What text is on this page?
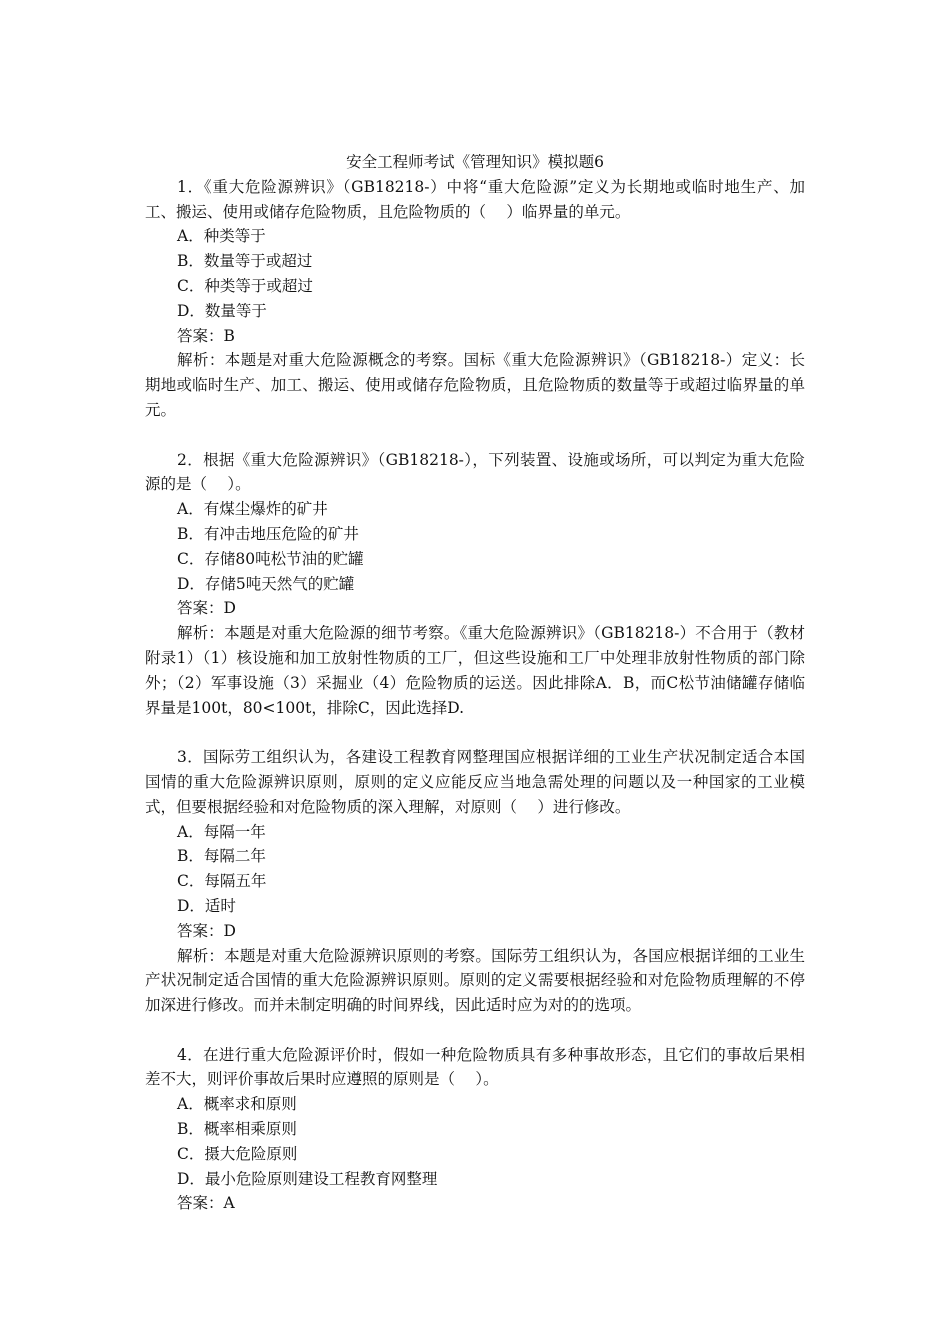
安全工程师考试《管理知识》模拟题6

1．《重大危险源辨识》（GB18218-）中将“重大危险源”定义为长期地或临时地生产、加工、搬运、使用或储存危险物质，且危险物质的（　 ）临界量的单元。

A．种类等于

B．数量等于或超过

C．种类等于或超过

D．数量等于

答案：B

解析：本题是对重大危险源概念的考察。国标《重大危险源辨识》（GB18218-）定义：长期地或临时生产、加工、搬运、使用或储存危险物质，且危险物质的数量等于或超过临界量的单元。

2．根据《重大危险源辨识》（GB18218-），下列装置、设施或场所，可以判定为重大危险源的是（　 ）。

A．有煤尘爆炸的矿井

B．有冲击地压危险的矿井

C．存储80吨松节油的贮罐

D．存储5吨天然气的贮罐

答案：D

解析：本题是对重大危险源的细节考察。《重大危险源辨识》（GB18218-）不合用于（教材附录1）（1）核设施和加工放射性物质的工厂，但这些设施和工厂中处理非放射性物质的部门除外；（2）军事设施（3）采掘业（4）危险物质的运送。因此排除A．B，而C松节油储罐存储临界量是100t，80<100t，排除C，因此选择D.

3．国际劳工组织认为，各建设工程教育网整理国应根据详细的工业生产状况制定适合本国国情的重大危险源辨识原则，原则的定义应能反应当地急需处理的问题以及一种国家的工业模式，但要根据经验和对危险物质的深入理解，对原则（　 ）进行修改。

A．每隔一年

B．每隔二年

C．每隔五年

D．适时

答案：D

解析：本题是对重大危险源辨识原则的考察。国际劳工组织认为，各国应根据详细的工业生产状况制定适合国情的重大危险源辨识原则。原则的定义需要根据经验和对危险物质理解的不停加深进行修改。而并未制定明确的时间界线，因此适时应为对的的选项。

4．在进行重大危险源评价时，假如一种危险物质具有多种事故形态，且它们的事故后果相差不大，则评价事故后果时应遵照的原则是（　 ）。

A．概率求和原则

B．概率相乘原则

C．摄大危险原则

D．最小危险原则建设工程教育网整理

答案：A
